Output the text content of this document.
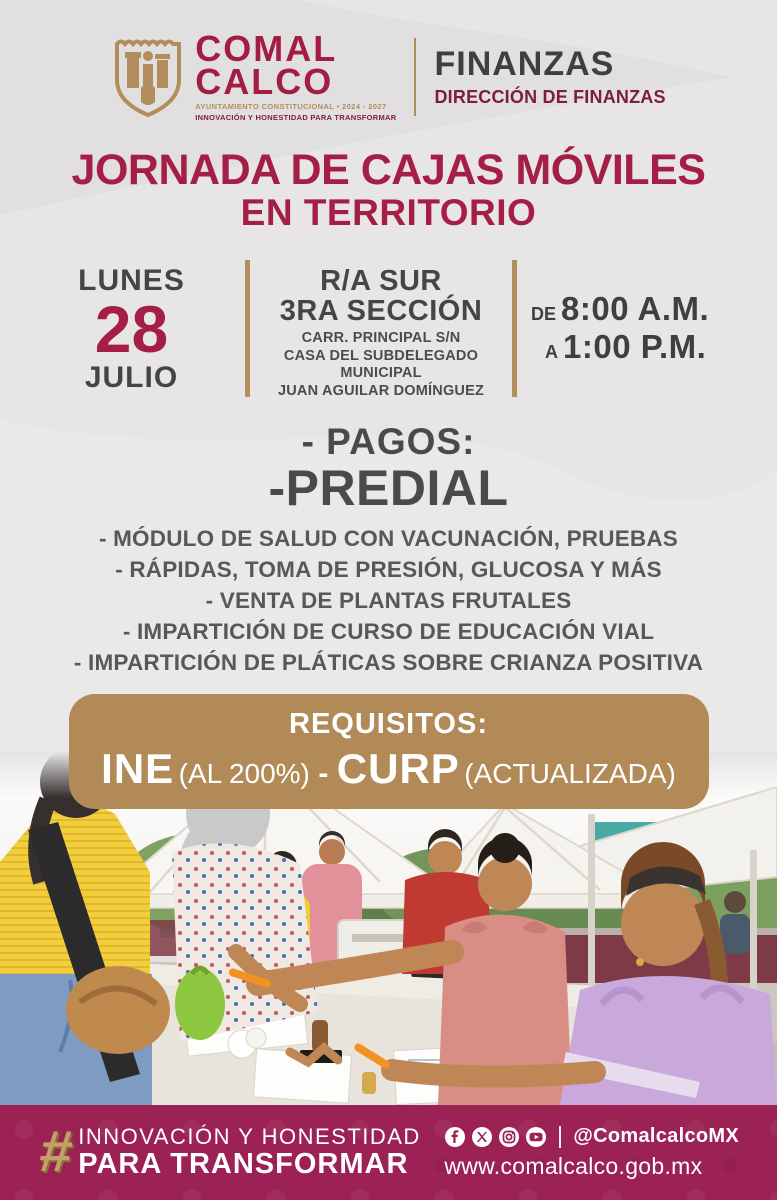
COMAL
CALCO
AYUNTAMIENTO CONSTITUCIONAL • 2024 - 2027
INNOVACIÓN Y HONESTIDAD PARA TRANSFORMAR
FINANZAS
DIRECCIÓN DE FINANZAS
JORNADA DE CAJAS MÓVILES
EN TERRITORIO
LUNES
28
JULIO
R/A SUR
3RA SECCIÓN
CARR. PRINCIPAL S/N
CASA DEL SUBDELEGADO
MUNICIPAL
JUAN AGUILAR DOMÍNGUEZ
DE 8:00 A.M.
A 1:00 P.M.
- PAGOS:
-PREDIAL
- MÓDULO DE SALUD CON VACUNACIÓN, PRUEBAS
- RÁPIDAS, TOMA DE PRESIÓN, GLUCOSA Y MÁS
- VENTA DE PLANTAS FRUTALES
- IMPARTICIÓN DE CURSO DE EDUCACIÓN VIAL
- IMPARTICIÓN DE PLÁTICAS SOBRE CRIANZA POSITIVA
REQUISITOS:
INE (AL 200%) - CURP (ACTUALIZADA)
# INNOVACIÓN Y HONESTIDAD
PARA TRANSFORMAR
@ComalcalcoMX
www.comalcalco.gob.mx
